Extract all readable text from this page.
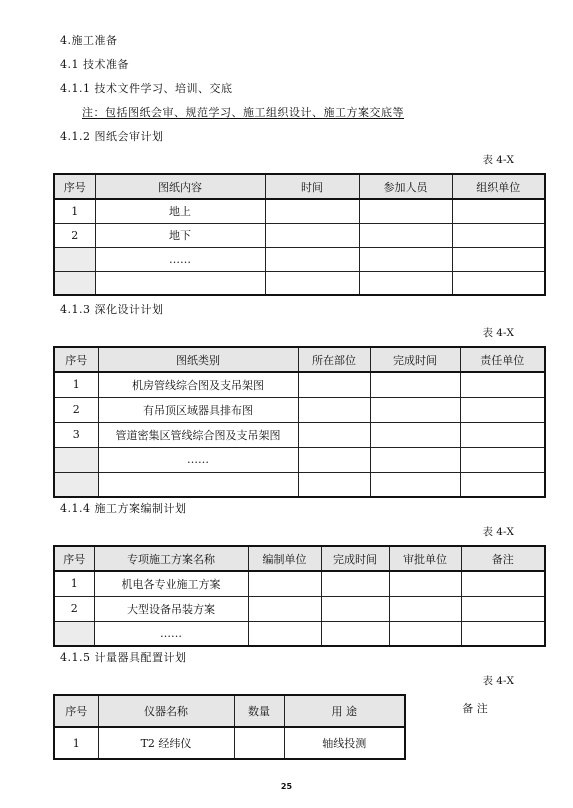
4.施工准备
4.1 技术准备
4.1.1 技术文件学习、培训、交底
注：包括图纸会审、规范学习、施工组织设计、施工方案交底等
4.1.2 图纸会审计划
表 4-X
序号	图纸内容	时间	参加人员	组织单位
1	地上			
2	地下			
	……			

4.1.3 深化设计计划
表 4-X
序号	图纸类别	所在部位	完成时间	责任单位
1	机房管线综合图及支吊架图			
2	有吊顶区域器具排布图			
3	管道密集区管线综合图及支吊架图			
	……			

4.1.4 施工方案编制计划
表 4-X
序号	专项施工方案名称	编制单位	完成时间	审批单位	备注
1	机电各专业施工方案				
2	大型设备吊装方案				
	……				
4.1.5 计量器具配置计划
表 4-X
序号	仪器名称	数量	用 途
1	T2 经纬仪		轴线投测
备 注
25
